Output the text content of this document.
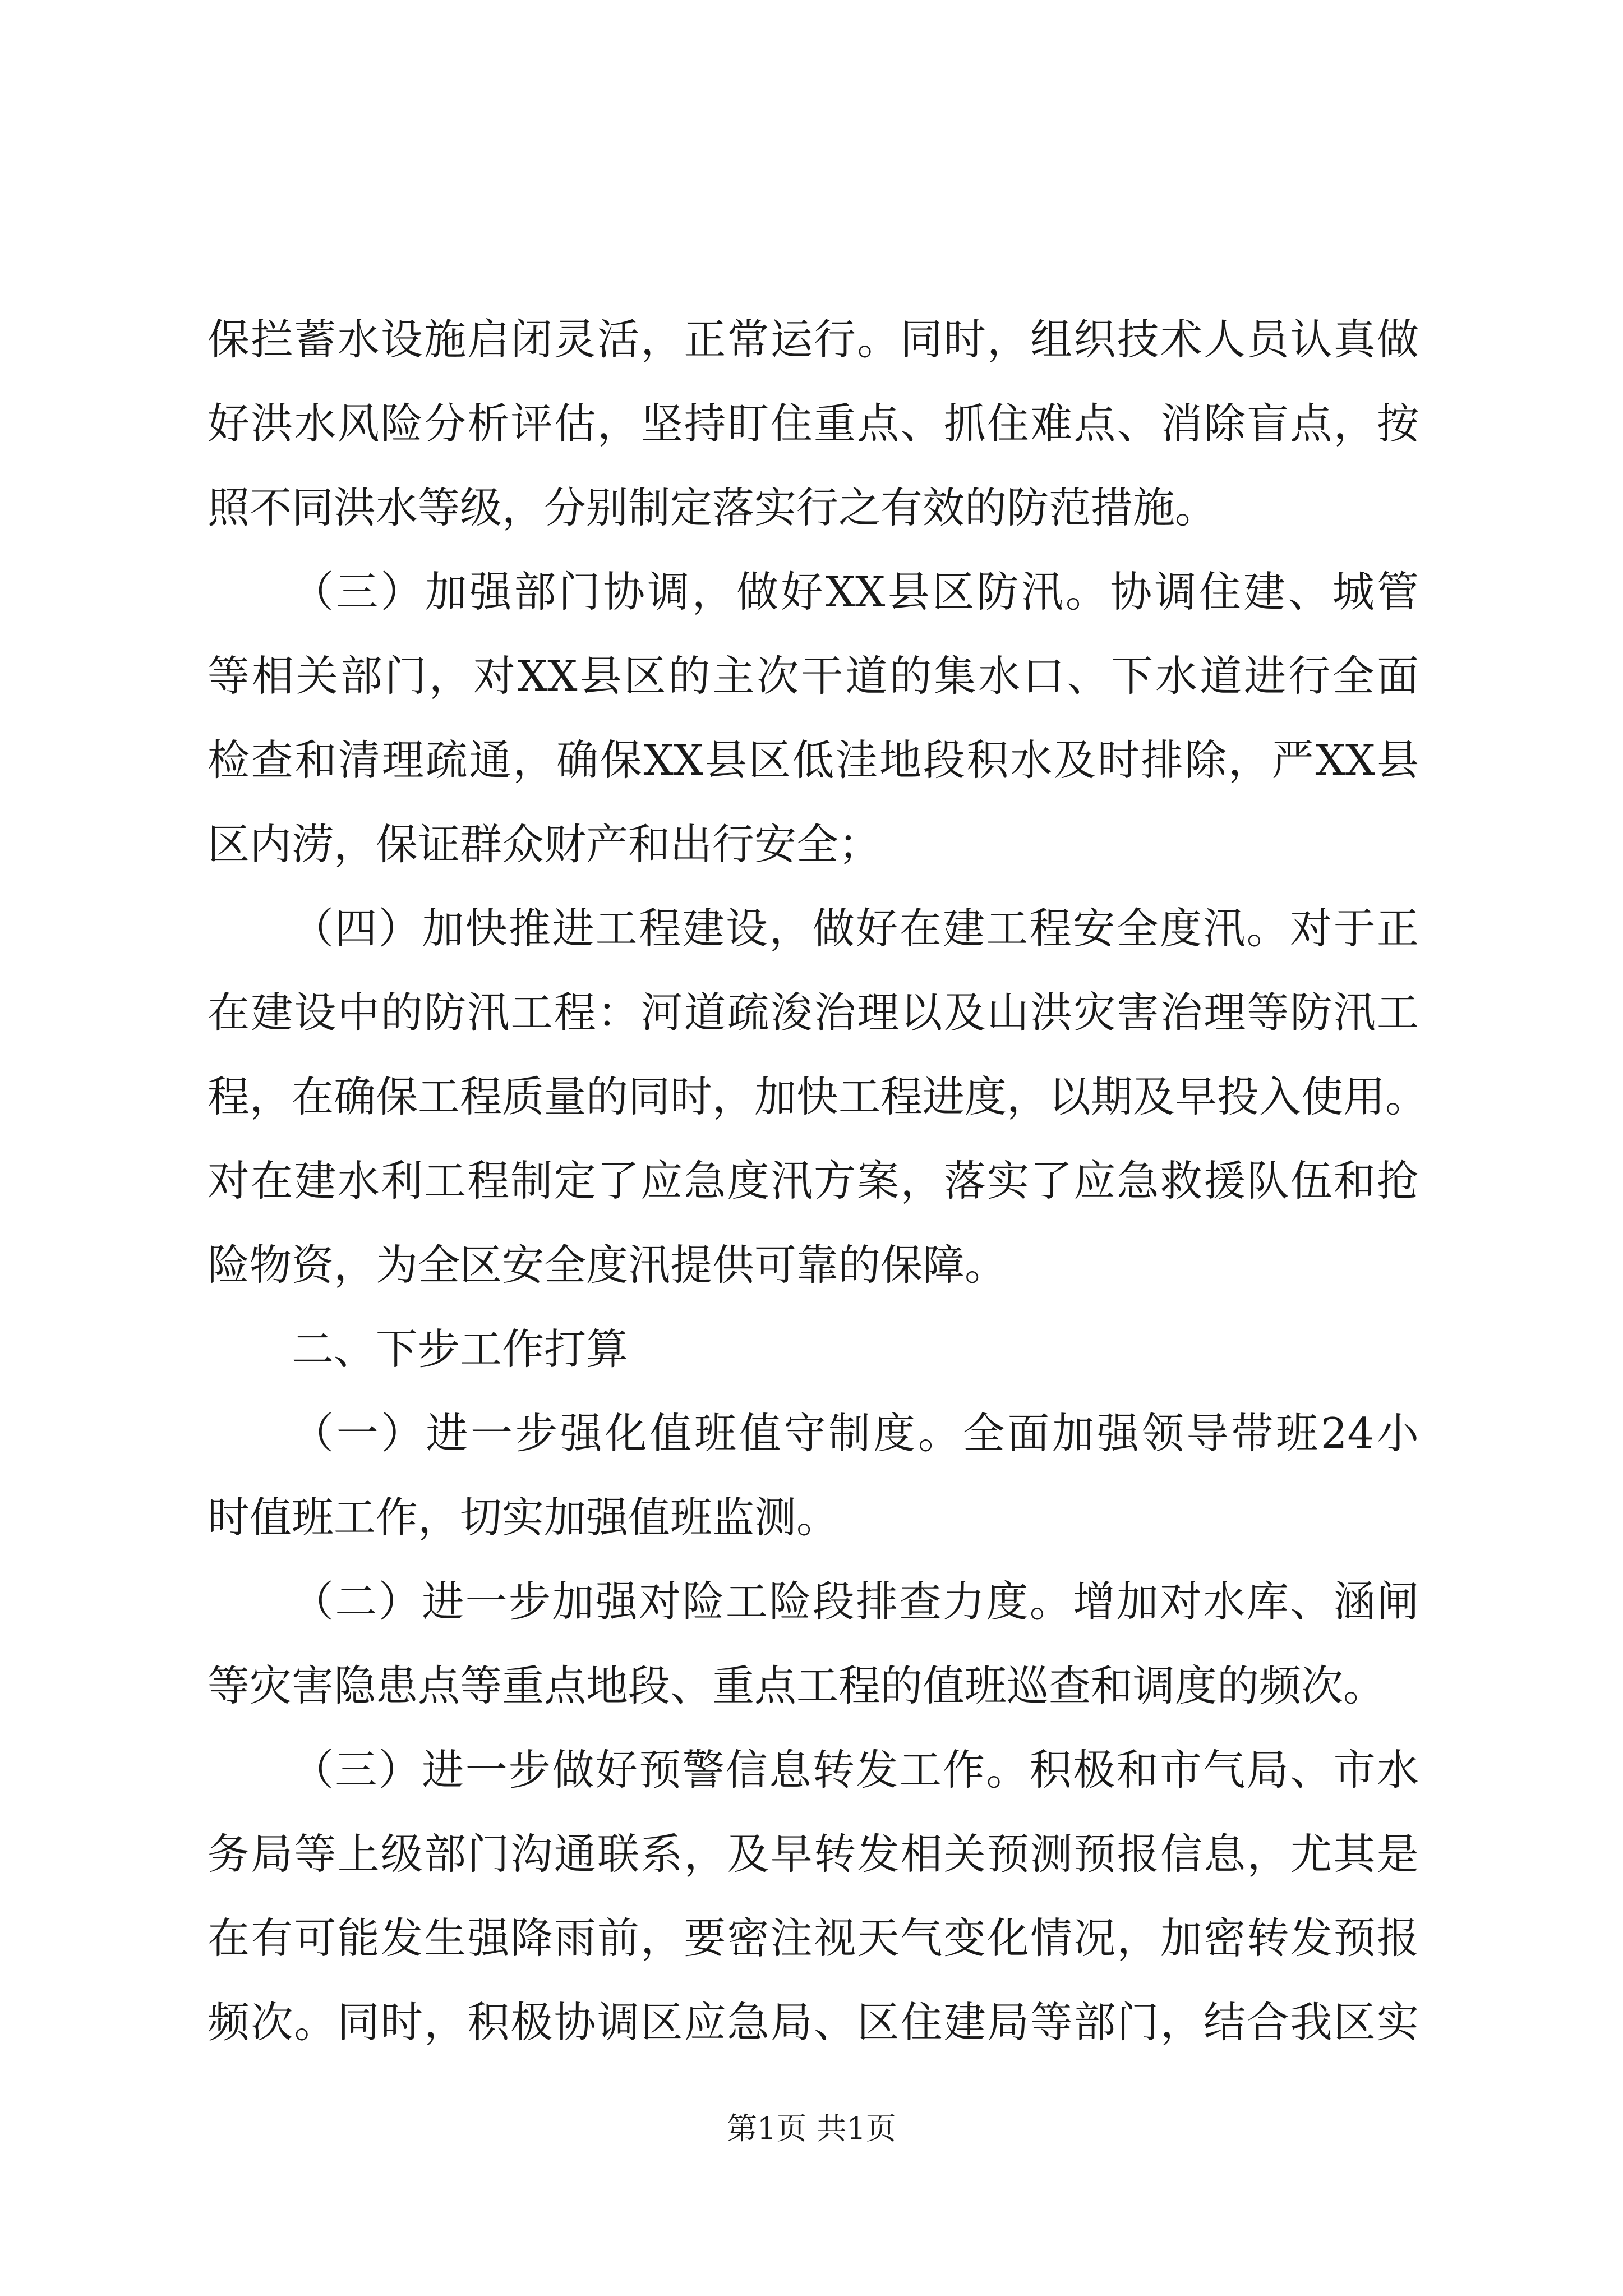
保拦蓄水设施启闭灵活，正常运行。同时，组织技术人员认真做
好洪水风险分析评估，坚持盯住重点、抓住难点、消除盲点，按
照不同洪水等级，分别制定落实行之有效的防范措施。
（三）加强部门协调，做好XX县区防汛。协调住建、城管
等相关部门，对XX县区的主次干道的集水口、下水道进行全面
检查和清理疏通，确保XX县区低洼地段积水及时排除，严XX县
区内涝，保证群众财产和出行安全；
（四）加快推进工程建设，做好在建工程安全度汛。对于正
在建设中的防汛工程：河道疏浚治理以及山洪灾害治理等防汛工
程，在确保工程质量的同时，加快工程进度，以期及早投入使用。
对在建水利工程制定了应急度汛方案，落实了应急救援队伍和抢
险物资，为全区安全度汛提供可靠的保障。
二、下步工作打算
（一）进一步强化值班值守制度。全面加强领导带班24小
时值班工作，切实加强值班监测。
（二）进一步加强对险工险段排查力度。增加对水库、涵闸
等灾害隐患点等重点地段、重点工程的值班巡查和调度的频次。
（三）进一步做好预警信息转发工作。积极和市气局、市水
务局等上级部门沟通联系，及早转发相关预测预报信息，尤其是
在有可能发生强降雨前，要密注视天气变化情况，加密转发预报
频次。同时，积极协调区应急局、区住建局等部门，结合我区实
第1页 共1页
